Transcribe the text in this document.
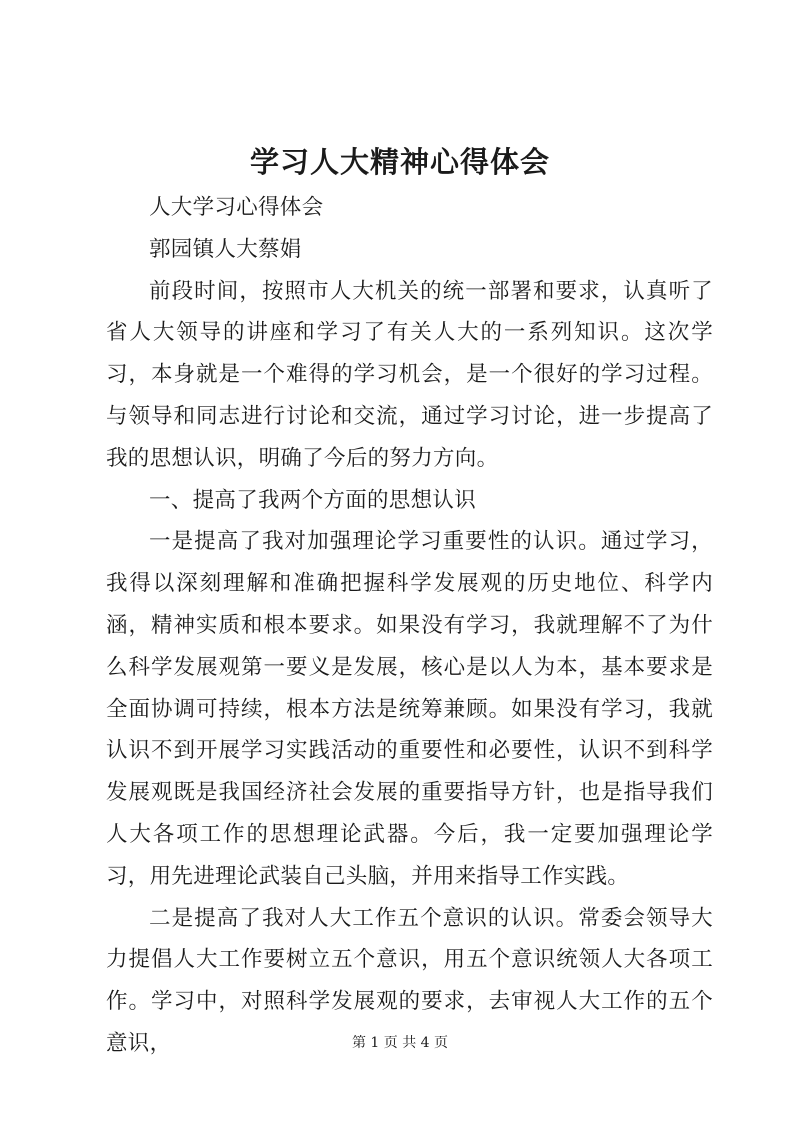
学习人大精神心得体会

人大学习心得体会

郭园镇人大蔡娟

前段时间，按照市人大机关的统一部署和要求，认真听了省人大领导的讲座和学习了有关人大的一系列知识。这次学习，本身就是一个难得的学习机会，是一个很好的学习过程。与领导和同志进行讨论和交流，通过学习讨论，进一步提高了我的思想认识，明确了今后的努力方向。

一、提高了我两个方面的思想认识

一是提高了我对加强理论学习重要性的认识。通过学习，我得以深刻理解和准确把握科学发展观的历史地位、科学内涵，精神实质和根本要求。如果没有学习，我就理解不了为什么科学发展观第一要义是发展，核心是以人为本，基本要求是全面协调可持续，根本方法是统筹兼顾。如果没有学习，我就认识不到开展学习实践活动的重要性和必要性，认识不到科学发展观既是我国经济社会发展的重要指导方针，也是指导我们人大各项工作的思想理论武器。今后，我一定要加强理论学习，用先进理论武装自己头脑，并用来指导工作实践。

二是提高了我对人大工作五个意识的认识。常委会领导大力提倡人大工作要树立五个意识，用五个意识统领人大各项工作。学习中，对照科学发展观的要求，去审视人大工作的五个意识，	第 1 页 共 4 页
